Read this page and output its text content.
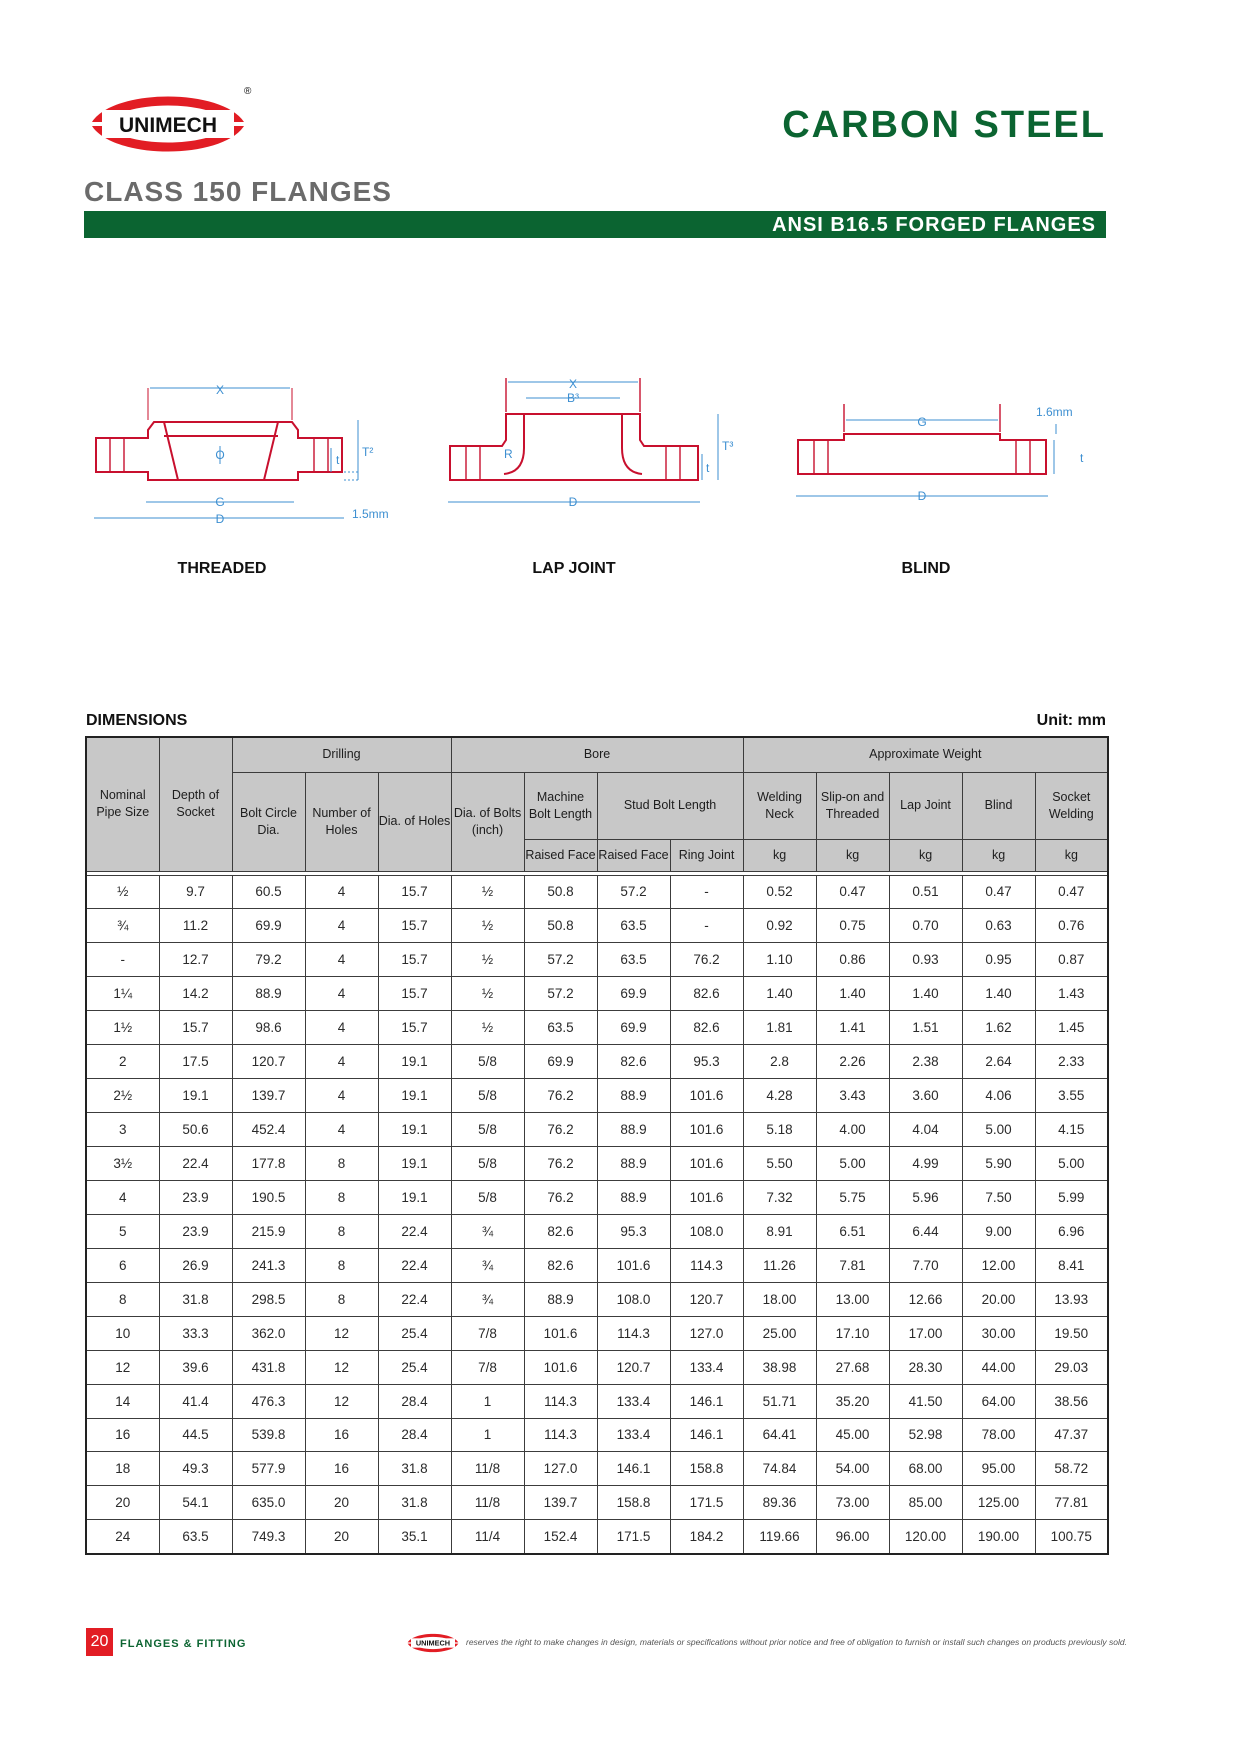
UNIMECH
®
CARBON STEEL
CLASS 150 FLANGES
ANSI B16.5 FORGED FLANGES
X
O
G
D
t
T²
1.5mm
THREADED
X
B³
R
D
t
T³
LAP JOINT
G
1.6mm
t
D
BLIND
DIMENSIONS	Unit: mm
Nominal Pipe Size	Depth of Socket	Drilling			Bore				Approximate Weight				
		Bolt Circle Dia.	Number of Holes	Dia. of Holes	Dia. of Bolts (inch)	Machine Bolt Length	Stud Bolt Length		Welding Neck	Slip-on and Threaded	Lap Joint	Blind	Socket Welding
						Raised Face	Raised Face	Ring Joint	kg	kg	kg	kg	kg

½	9.7	60.5	4	15.7	½	50.8	57.2	-	0.52	0.47	0.51	0.47	0.47
¾	11.2	69.9	4	15.7	½	50.8	63.5	-	0.92	0.75	0.70	0.63	0.76
-	12.7	79.2	4	15.7	½	57.2	63.5	76.2	1.10	0.86	0.93	0.95	0.87
1¼	14.2	88.9	4	15.7	½	57.2	69.9	82.6	1.40	1.40	1.40	1.40	1.43
1½	15.7	98.6	4	15.7	½	63.5	69.9	82.6	1.81	1.41	1.51	1.62	1.45
2	17.5	120.7	4	19.1	5/8	69.9	82.6	95.3	2.8	2.26	2.38	2.64	2.33
2½	19.1	139.7	4	19.1	5/8	76.2	88.9	101.6	4.28	3.43	3.60	4.06	3.55
3	50.6	452.4	4	19.1	5/8	76.2	88.9	101.6	5.18	4.00	4.04	5.00	4.15
3½	22.4	177.8	8	19.1	5/8	76.2	88.9	101.6	5.50	5.00	4.99	5.90	5.00
4	23.9	190.5	8	19.1	5/8	76.2	88.9	101.6	7.32	5.75	5.96	7.50	5.99
5	23.9	215.9	8	22.4	¾	82.6	95.3	108.0	8.91	6.51	6.44	9.00	6.96
6	26.9	241.3	8	22.4	¾	82.6	101.6	114.3	11.26	7.81	7.70	12.00	8.41
8	31.8	298.5	8	22.4	¾	88.9	108.0	120.7	18.00	13.00	12.66	20.00	13.93
10	33.3	362.0	12	25.4	7/8	101.6	114.3	127.0	25.00	17.10	17.00	30.00	19.50
12	39.6	431.8	12	25.4	7/8	101.6	120.7	133.4	38.98	27.68	28.30	44.00	29.03
14	41.4	476.3	12	28.4	1	114.3	133.4	146.1	51.71	35.20	41.50	64.00	38.56
16	44.5	539.8	16	28.4	1	114.3	133.4	146.1	64.41	45.00	52.98	78.00	47.37
18	49.3	577.9	16	31.8	11/8	127.0	146.1	158.8	74.84	54.00	68.00	95.00	58.72
20	54.1	635.0	20	31.8	11/8	139.7	158.8	171.5	89.36	73.00	85.00	125.00	77.81
24	63.5	749.3	20	35.1	11/4	152.4	171.5	184.2	119.66	96.00	120.00	190.00	100.75
20	FLANGES & FITTING	UNIMECH reserves the right to make changes in design, materials or specifications without prior notice and free of obligation to furnish or install such changes on products previously sold.
